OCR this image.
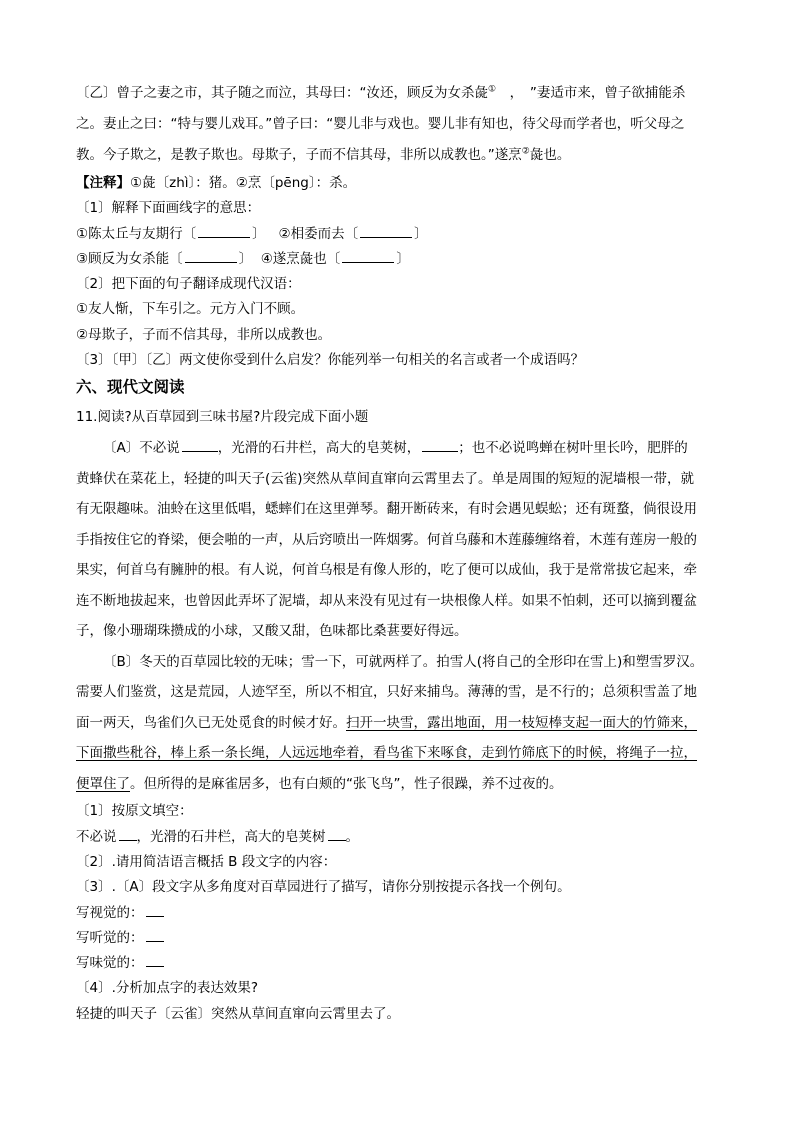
〔乙〕曾子之妻之市，其子随之而泣，其母曰：“汝还，顾反为女杀彘①　，　”妻适市来，曾子欲捕能杀

之。妻止之曰：“特与婴儿戏耳。”曾子曰：“婴儿非与戏也。婴儿非有知也，待父母而学者也，听父母之

教。今子欺之，是教子欺也。母欺子，子而不信其母，非所以成教也。”遂烹②彘也。

【注释】①彘〔zhì〕：猪。②烹〔pēng〕：杀。

〔1〕解释下面画线字的意思：

①陈太丘与友期行〔	〕 ②相委而去〔	〕

③顾反为女杀能〔	〕 ④遂烹彘也〔	〕

〔2〕把下面的句子翻译成现代汉语：

①友人惭，下车引之。元方入门不顾。

②母欺子，子而不信其母，非所以成教也。

〔3〕〔甲〕〔乙〕两文使你受到什么启发？你能列举一句相关的名言或者一个成语吗？

六、现代文阅读

11.阅读?从百草园到三味书屋?片段完成下面小题

〔A〕不必说	，光滑的石井栏，高大的皂荚树，	；也不必说鸣蝉在树叶里长吟，肥胖的

黄蜂伏在菜花上，轻捷的叫天子(云雀)突然从草间直窜向云霄里去了。单是周围的短短的泥墙根一带，就

有无限趣味。油蛉在这里低唱，蟋蟀们在这里弹琴。翻开断砖来，有时会遇见蜈蚣；还有斑蝥，倘很设用

手指按住它的脊梁，便会啪的一声，从后窍喷出一阵烟雾。何首乌藤和木莲藤缠络着，木莲有莲房一般的

果实，何首乌有臃肿的根。有人说，何首乌根是有像人形的，吃了便可以成仙，我于是常常拔它起来，牵

连不断地拔起来，也曾因此弄坏了泥墙，却从来没有见过有一块根像人样。如果不怕刺，还可以摘到覆盆

子，像小珊瑚珠攒成的小球，又酸又甜，色味都比桑葚要好得远。

〔B〕冬天的百草园比较的无味；雪一下，可就两样了。拍雪人(将自己的全形印在雪上)和塑雪罗汉。

需要人们鉴赏，这是荒园，人迹罕至，所以不相宜，只好来捕鸟。薄薄的雪，是不行的；总须积雪盖了地

面一两天，鸟雀们久已无处觅食的时候才好。扫开一块雪，露出地面，用一枝短棒支起一面大的竹筛来，

下面撒些秕谷，棒上系一条长绳，人远远地牵着，看鸟雀下来啄食，走到竹筛底下的时候，将绳子一拉，

便罩住了。但所得的是麻雀居多，也有白颊的“张飞鸟”，性子很躁，养不过夜的。

〔1〕按原文填空：

不必说 ，光滑的石井栏，高大的皂荚树 。

〔2〕.请用简洁语言概括 B 段文字的内容：

〔3〕.〔A〕段文字从多角度对百草园进行了描写，请你分别按提示各找一个例句。

写视觉的：

写听觉的：

写味觉的：

〔4〕.分析加点字的表达效果?

轻捷的叫天子〔云雀〕突然从草间直窜向云霄里去了。
